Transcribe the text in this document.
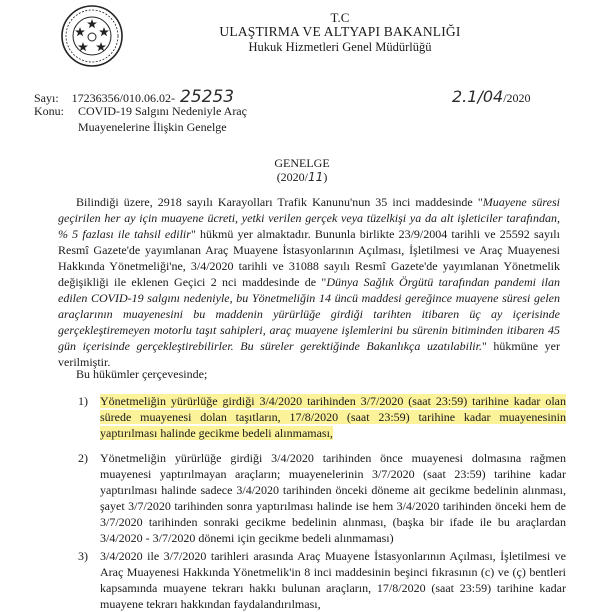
T.C
ULAŞTIRMA VE ALTYAPI BAKANLIĞI
Hukuk Hizmetleri Genel Müdürlüğü
Sayı: 17236356/010.06.02- 25253	2.1/04/2020
Konu: COVID-19 Salgını Nedeniyle Araç
Muayenelerine İlişkin Genelge
GENELGE
(2020/11)

Bilindiği üzere, 2918 sayılı Karayolları Trafik Kanunu'nun 35 inci maddesinde "Muayene süresi geçirilen her ay için muayene ücreti, yetki verilen gerçek veya tüzelkişi ya da alt işleticiler tarafından, % 5 fazlası ile tahsil edilir" hükmü yer almaktadır. Bununla birlikte 23/9/2004 tarihli ve 25592 sayılı Resmî Gazete'de yayımlanan Araç Muayene İstasyonlarının Açılması, İşletilmesi ve Araç Muayenesi Hakkında Yönetmeliği'ne, 3/4/2020 tarihli ve 31088 sayılı Resmî Gazete'de yayımlanan Yönetmelik değişikliği ile eklenen Geçici 2 nci maddesinde de "Dünya Sağlık Örgütü tarafından pandemi ilan edilen COVID-19 salgını nedeniyle, bu Yönetmeliğin 14 üncü maddesi gereğince muayene süresi gelen araçlarının muayenesini bu maddenin yürürlüğe girdiği tarihten itibaren üç ay içerisinde gerçekleştiremeyen motorlu taşıt sahipleri, araç muayene işlemlerini bu sürenin bitiminden itibaren 45 gün içerisinde gerçekleştirebilirler. Bu süreler gerektiğinde Bakanlıkça uzatılabilir." hükmüne yer verilmiştir.

Bu hükümler çerçevesinde;

1) Yönetmeliğin yürürlüğe girdiği 3/4/2020 tarihinden 3/7/2020 (saat 23:59) tarihine kadar olan sürede muayenesi dolan taşıtların, 17/8/2020 (saat 23:59) tarihine kadar muayenesinin yaptırılması halinde gecikme bedeli alınmaması,
2) Yönetmeliğin yürürlüğe girdiği 3/4/2020 tarihinden önce muayenesi dolmasına rağmen muayenesi yaptırılmayan araçların; muayenelerinin 3/7/2020 (saat 23:59) tarihine kadar yaptırılması halinde sadece 3/4/2020 tarihinden önceki döneme ait gecikme bedelinin alınması, şayet 3/7/2020 tarihinden sonra yaptırılması halinde ise hem 3/4/2020 tarihinden önceki hem de 3/7/2020 tarihinden sonraki gecikme bedelinin alınması, (başka bir ifade ile bu araçlardan 3/4/2020 - 3/7/2020 dönemi için gecikme bedeli alınmaması)
3) 3/4/2020 ile 3/7/2020 tarihleri arasında Araç Muayene İstasyonlarının Açılması, İşletilmesi ve Araç Muayenesi Hakkında Yönetmelik'in 8 inci maddesinin beşinci fıkrasının (c) ve (ç) bentleri kapsamında muayene tekrarı hakkı bulunan araçların, 17/8/2020 (saat 23:59) tarihine kadar muayene tekrarı hakkından faydalandırılması,
